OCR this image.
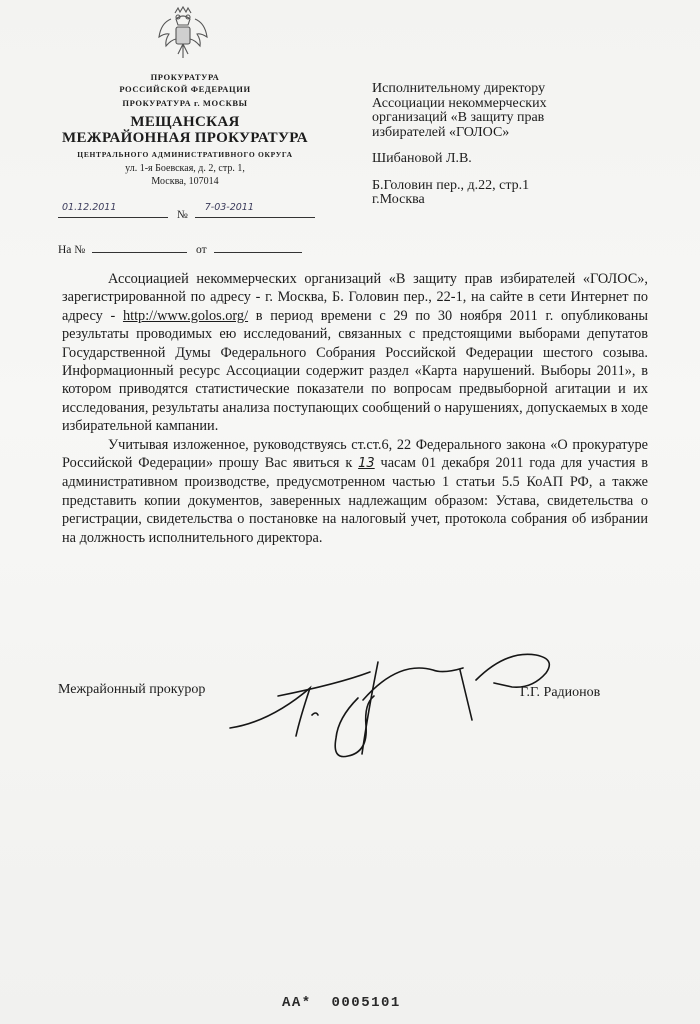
ПРОКУРАТУРА
РОССИЙСКОЙ ФЕДЕРАЦИИ
ПРОКУРАТУРА г. МОСКВЫ
МЕЩАНСКАЯ
МЕЖРАЙОННАЯ ПРОКУРАТУРА
ЦЕНТРАЛЬНОГО АДМИНИСТРАТИВНОГО ОКРУГА
ул. 1-я Боевская, д. 2, стр. 1,
Москва, 107014
01.12.2011
№
7-03-2011
На №	от
Исполнительному директору
Ассоциации некоммерческих
организаций «В защиту прав
избирателей «ГОЛОС»
Шибановой Л.В.
Б.Головин пер., д.22, стр.1
г.Москва

Ассоциацией некоммерческих организаций «В защиту прав избирателей «ГОЛОС», зарегистрированной по адресу - г. Москва, Б. Головин пер., 22-1, на сайте в сети Интернет по адресу - http://www.golos.org/ в период времени с 29 по 30 ноября 2011 г. опубликованы результаты проводимых ею исследований, связанных с предстоящими выборами депутатов Государственной Думы Федерального Собрания Российской Федерации шестого созыва. Информационный ресурс Ассоциации содержит раздел «Карта нарушений. Выборы 2011», в котором приводятся статистические показатели по вопросам предвыборной агитации и их исследования, результаты анализа поступающих сообщений о нарушениях, допускаемых в ходе избирательной кампании.

Учитывая изложенное, руководствуясь ст.ст.6, 22 Федерального закона «О прокуратуре Российской Федерации» прошу Вас явиться к 13 часам 01 декабря 2011 года для участия в административном производстве, предусмотренном частью 1 статьи 5.5 КоАП РФ, а также представить копии документов, заверенных надлежащим образом: Устава, свидетельства о регистрации, свидетельства о постановке на налоговый учет, протокола собрания об избрании на должность исполнительного директора.

Межрайонный прокурор	Г.Г. Радионов
АА*  0005101
